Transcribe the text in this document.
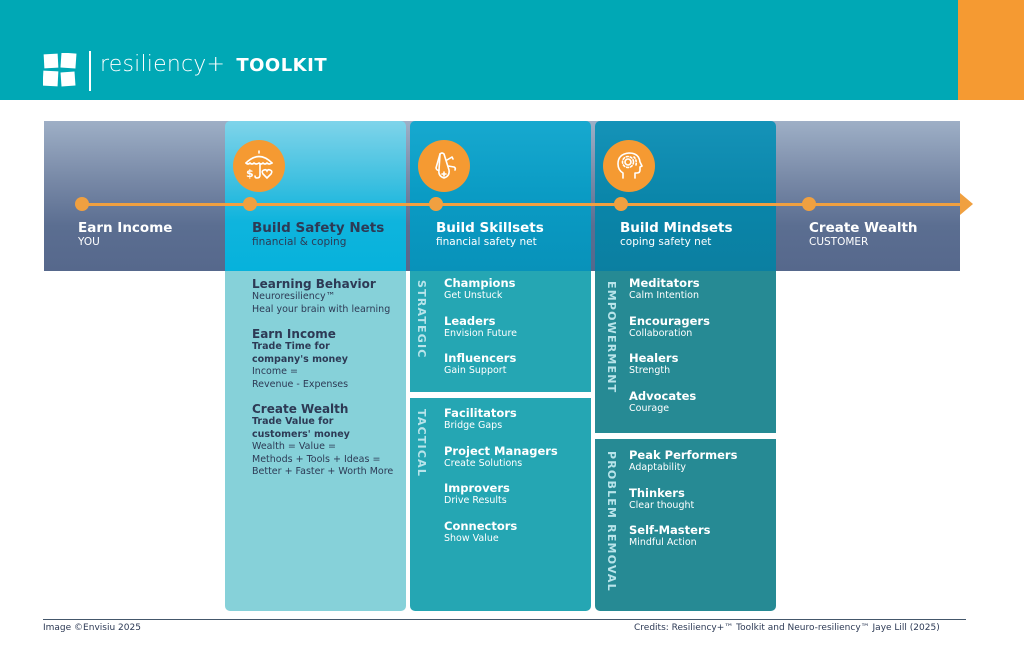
resiliency+ TOOLKIT
$
Earn Income
YOU
Build Safety Nets
financial & coping
Build Skillsets
financial safety net
Build Mindsets
coping safety net
Create Wealth
CUSTOMER
Learning Behavior
Neuroresiliency™
Heal your brain with learning
Earn Income
Trade Time for
company's money
Income =
Revenue - Expenses
Create Wealth
Trade Value for
customers' money
Wealth = Value =
Methods + Tools + Ideas =
Better + Faster + Worth More
STRATEGIC Champions
Get Unstuck
Leaders
Envision Future
Influencers
Gain Support
TACTICAL Facilitators
Bridge Gaps
Project Managers
Create Solutions
Improvers
Drive Results
Connectors
Show Value
EMPOWERMENT Meditators
Calm Intention
Encouragers
Collaboration
Healers
Strength
Advocates
Courage
PROBLEM REMOVAL Peak Performers
Adaptability
Thinkers
Clear thought
Self-Masters
Mindful Action
Image ©Envisiu 2025	Credits: Resiliency+™ Toolkit and Neuro-resiliency™ Jaye Lill (2025)
